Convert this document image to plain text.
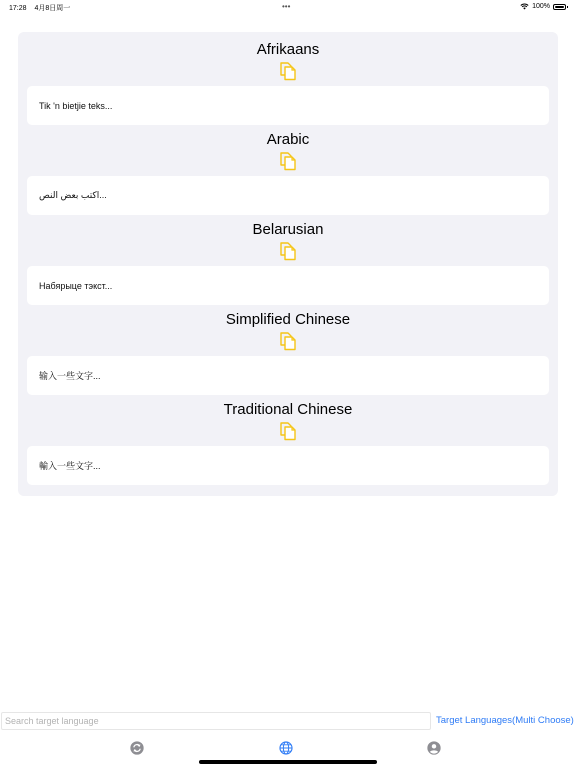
17:28 4月8日周一	•••	100%
Afrikaans
Tik 'n bietjie teks...
Arabic
اكتب بعض النص...
Belarusian
Набярыце тэкст...
Simplified Chinese
输入一些文字...
Traditional Chinese
輸入一些文字...
Search target language
Target Languages(Multi Choose)
